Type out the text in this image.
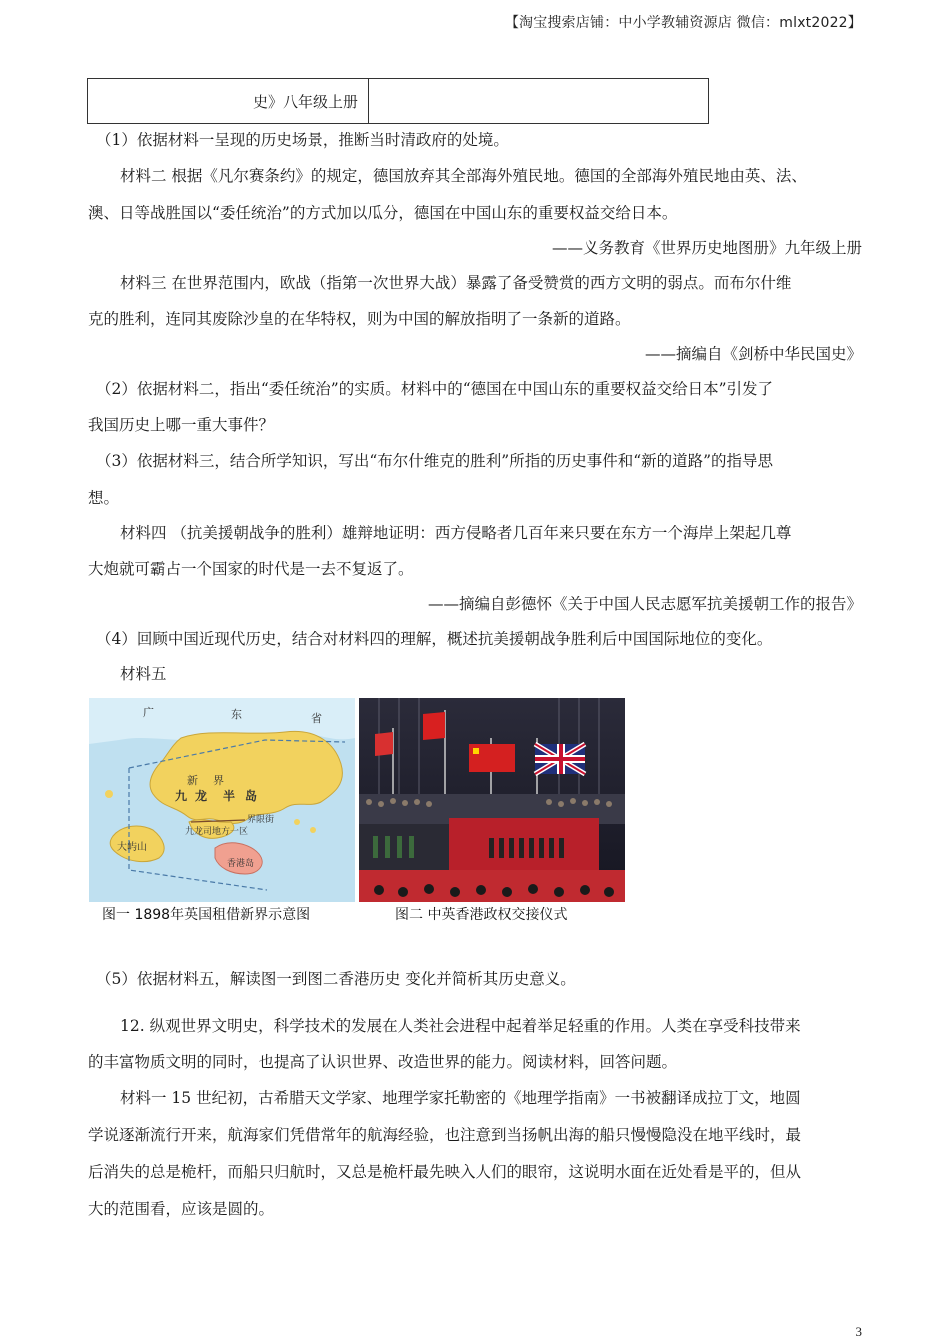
【淘宝搜索店铺：中小学教辅资源店 微信：mlxt2022】
史》八年级上册
（1）依据材料一呈现的历史场景，推断当时清政府的处境。
材料二 根据《凡尔赛条约》的规定，德国放弃其全部海外殖民地。德国的全部海外殖民地由英、法、
澳、日等战胜国以“委任统治”的方式加以瓜分，德国在中国山东的重要权益交给日本。
——义务教育《世界历史地图册》九年级上册
材料三 在世界范围内，欧战（指第一次世界大战）暴露了备受赞赏的西方文明的弱点。而布尔什维
克的胜利，连同其废除沙皇的在华特权，则为中国的解放指明了一条新的道路。
——摘编自《剑桥中华民国史》
（2）依据材料二，指出“委任统治”的实质。材料中的“德国在中国山东的重要权益交给日本”引发了
我国历史上哪一重大事件？
（3）依据材料三，结合所学知识，写出“布尔什维克的胜利”所指的历史事件和“新的道路”的指导思
想。
材料四 （抗美援朝战争的胜利）雄辩地证明：西方侵略者几百年来只要在东方一个海岸上架起几尊
大炮就可霸占一个国家的时代是一去不复返了。
——摘编自彭德怀《关于中国人民志愿军抗美援朝工作的报告》
（4）回顾中国近现代历史，结合对材料四的理解，概述抗美援朝战争胜利后中国国际地位的变化。
材料五
广	东	省
新 界
九 龙 半 岛
界限街
九龙司地方一区
大屿山
香港岛
图一 1898年英国租借新界示意图	图二 中英香港政权交接仪式
（5）依据材料五，解读图一到图二香港历史 变化并简析其历史意义。
12. 纵观世界文明史，科学技术的发展在人类社会进程中起着举足轻重的作用。人类在享受科技带来
的丰富物质文明的同时，也提高了认识世界、改造世界的能力。阅读材料，回答问题。
材料一 15 世纪初，古希腊天文学家、地理学家托勒密的《地理学指南》一书被翻译成拉丁文，地圆
学说逐渐流行开来，航海家们凭借常年的航海经验，也注意到当扬帆出海的船只慢慢隐没在地平线时，最
后消失的总是桅杆，而船只归航时，又总是桅杆最先映入人们的眼帘，这说明水面在近处看是平的，但从
大的范围看，应该是圆的。
3
